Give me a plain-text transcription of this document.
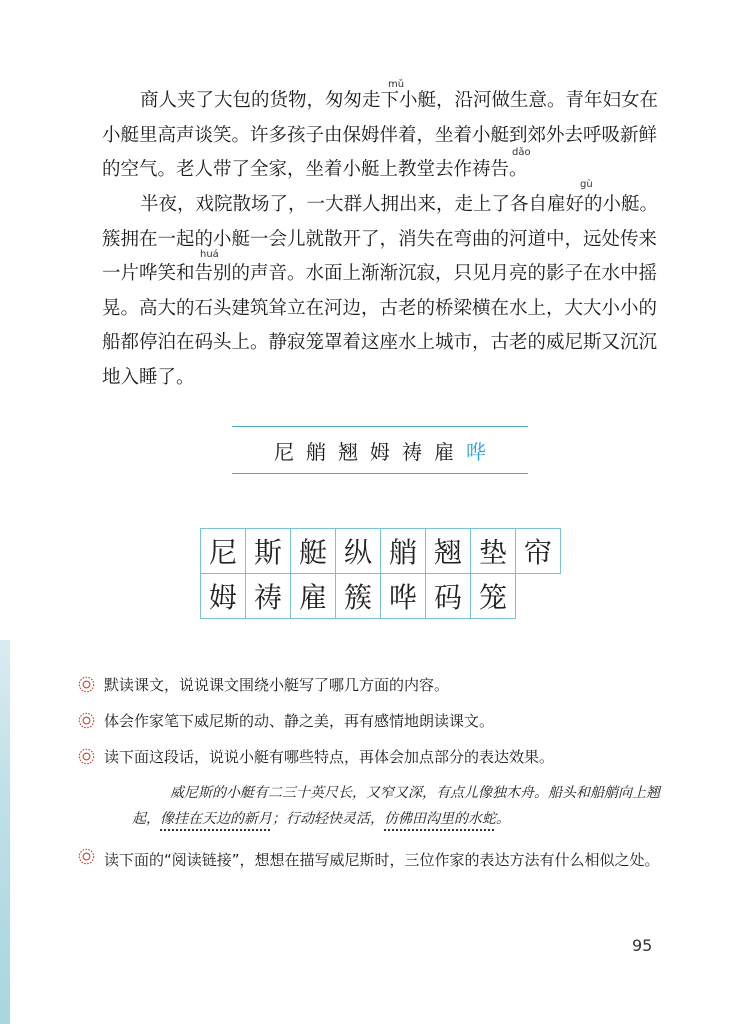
商人夹了大包的货物，匆匆走下小艇，沿河做生意。青年妇女在小艇里高声谈笑。许多孩子由保姆伴着，坐着小艇到郊外去呼吸新鲜的空气。老人带了全家，坐着小艇上教堂去作祷告。

mǔ
dǎo

半夜，戏院散场了，一大群人拥出来，走上了各自雇好的小艇。簇拥在一起的小艇一会儿就散开了，消失在弯曲的河道中，远处传来一片哗笑和告别的声音。水面上渐渐沉寂，只见月亮的影子在水中摇晃。高大的石头建筑耸立在河边，古老的桥梁横在水上，大大小小的船都停泊在码头上。静寂笼罩着这座水上城市，古老的威尼斯又沉沉地入睡了。

gù
huá
尼 艄 翘 姆 祷 雇 哗
尼 斯 艇 纵 艄 翘 垫 帘
姆 祷 雇 簇 哗 码 笼
默读课文，说说课文围绕小艇写了哪几方面的内容。
体会作家笔下威尼斯的动、静之美，再有感情地朗读课文。
读下面这段话，说说小艇有哪些特点，再体会加点部分的表达效果。
威尼斯的小艇有二三十英尺长，又窄又深，有点儿像独木舟。船头和船艄向上翘起，像挂在天边的新月；行动轻快灵活，仿佛田沟里的水蛇。
读下面的“阅读链接”，想想在描写威尼斯时，三位作家的表达方法有什么相似之处。
95
